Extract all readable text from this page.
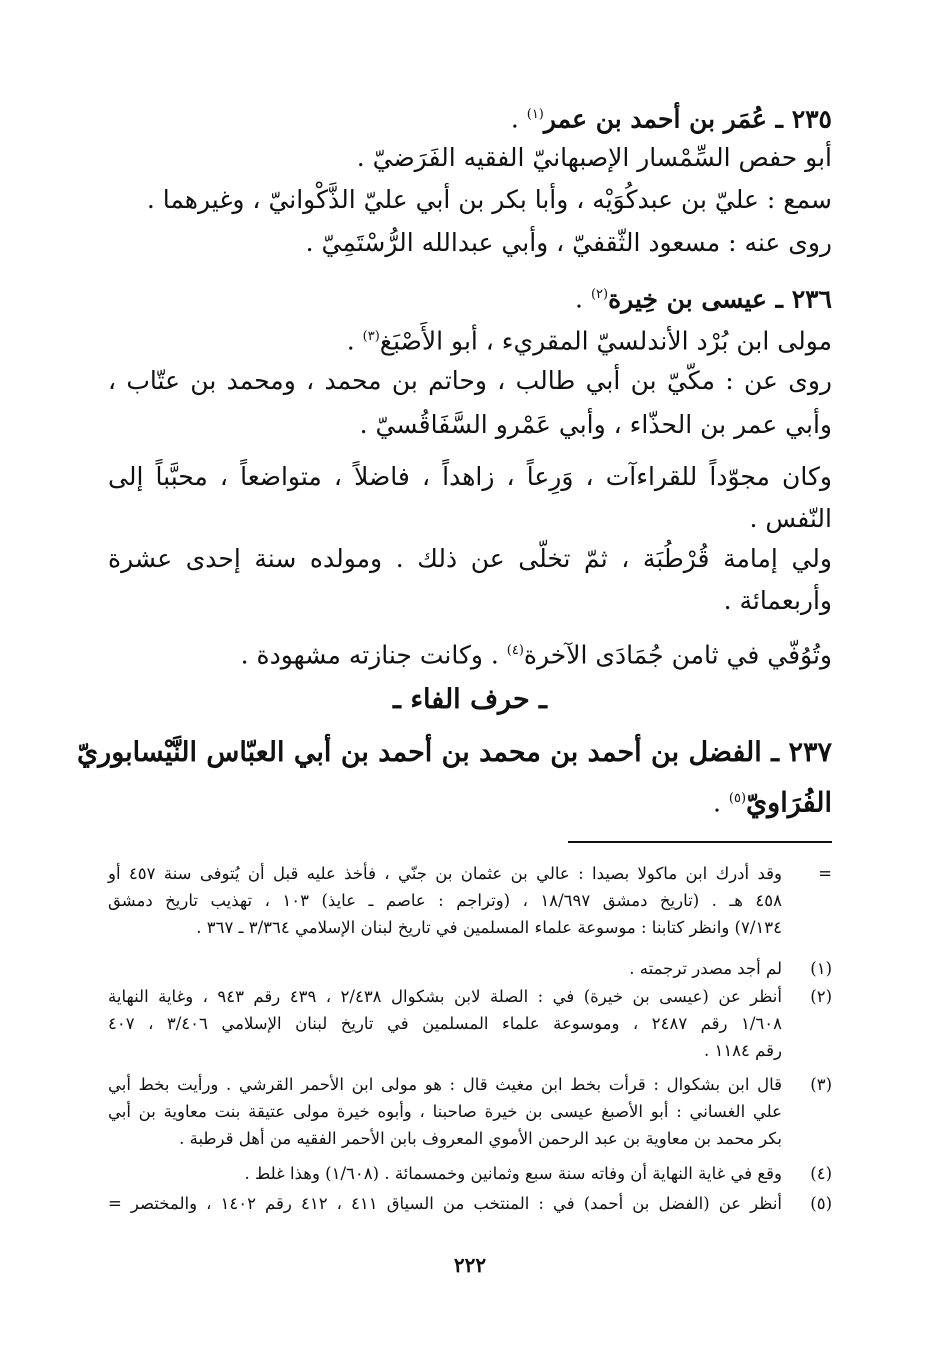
٢٣٥ ـ عُمَر بن أحمد بن عمر$^{(١)}$ .
أبو حفص السِّمْسار الإصبهانيّ الفقيه الفَرَضيّ .
سمع : عليّ بن عبدكُوَيْه ، وأبا بكر بن أبي عليّ الذَّكْوانيّ ، وغيرهما .
روى عنه : مسعود الثّقفيّ ، وأبي عبدالله الرُّسْتَمِيّ .
٢٣٦ ـ عيسى بن خِيرة$^{(٢)}$ .
مولى ابن بُرْد الأندلسيّ المقريء ، أبو الأَصْبَغ$^{(٣)}$ .
روى عن : مكّيّ بن أبي طالب ، وحاتم بن محمد ، ومحمد بن عتّاب ،
وأبي عمر بن الحذّاء ، وأبي عَمْرو السَّفَاقُسيّ .
وكان مجوّداً للقراءآت ، وَرِعاً ، زاهداً ، فاضلاً ، متواضعاً ، محبَّباً إلى
النّفس .
ولي إمامة قُرْطُبَة ، ثمّ تخلّى عن ذلك . ومولده سنة إحدى عشرة
وأربعمائة .
وتُوُفّي في ثامن جُمَادَى الآخرة$^{(٤)}$ . وكانت جنازته مشهودة .
ـ حرف الفاء ـ
٢٣٧ ـ الفضل بن أحمد بن محمد بن أحمد بن أبي العبّاس النَّيْسابوريّ
الفُرَاويّ$^{(٥)}$ .
=
وقد أدرك ابن ماكولا بصيدا : عالي بن عثمان بن جنّي ، فأخذ عليه قبل أن يُتوفى سنة ٤٥٧ أو
٤٥٨ هـ . (تاريخ دمشق ١٨/٦٩٧ ، (وتراجم : عاصم ـ عايذ) ١٠٣ ، تهذيب تاريخ دمشق
٧/١٣٤) وانظر كتابنا : موسوعة علماء المسلمين في تاريخ لبنان الإسلامي ٣/٣٦٤ ـ ٣٦٧ .
(١)
لم أجد مصدر ترجمته .
(٢)
أنظر عن (عيسى بن خيرة) في : الصلة لابن بشكوال ٢/٤٣٨ ، ٤٣٩ رقم ٩٤٣ ، وغاية النهاية
١/٦٠٨ رقم ٢٤٨٧ ، وموسوعة علماء المسلمين في تاريخ لبنان الإسلامي ٣/٤٠٦ ، ٤٠٧
رقم ١١٨٤ .
(٣)
قال ابن بشكوال : قرأت بخط ابن مغيث قال : هو مولى ابن الأحمر القرشي . ورأيت بخط أبي
علي الغساني : أبو الأصبغ عيسى بن خيرة صاحبنا ، وأبوه خيرة مولى عتيقة بنت معاوية بن أبي
بكر محمد بن معاوية بن عبد الرحمن الأموي المعروف بابن الأحمر الفقيه من أهل قرطبة .
(٤)
وقع في غاية النهاية أن وفاته سنة سبع وثمانين وخمسمائة . (١/٦٠٨) وهذا غلط .
(٥)
أنظر عن (الفضل بن أحمد) في : المنتخب من السياق ٤١١ ، ٤١٢ رقم ١٤٠٢ ، والمختصر =
٢٢٢
